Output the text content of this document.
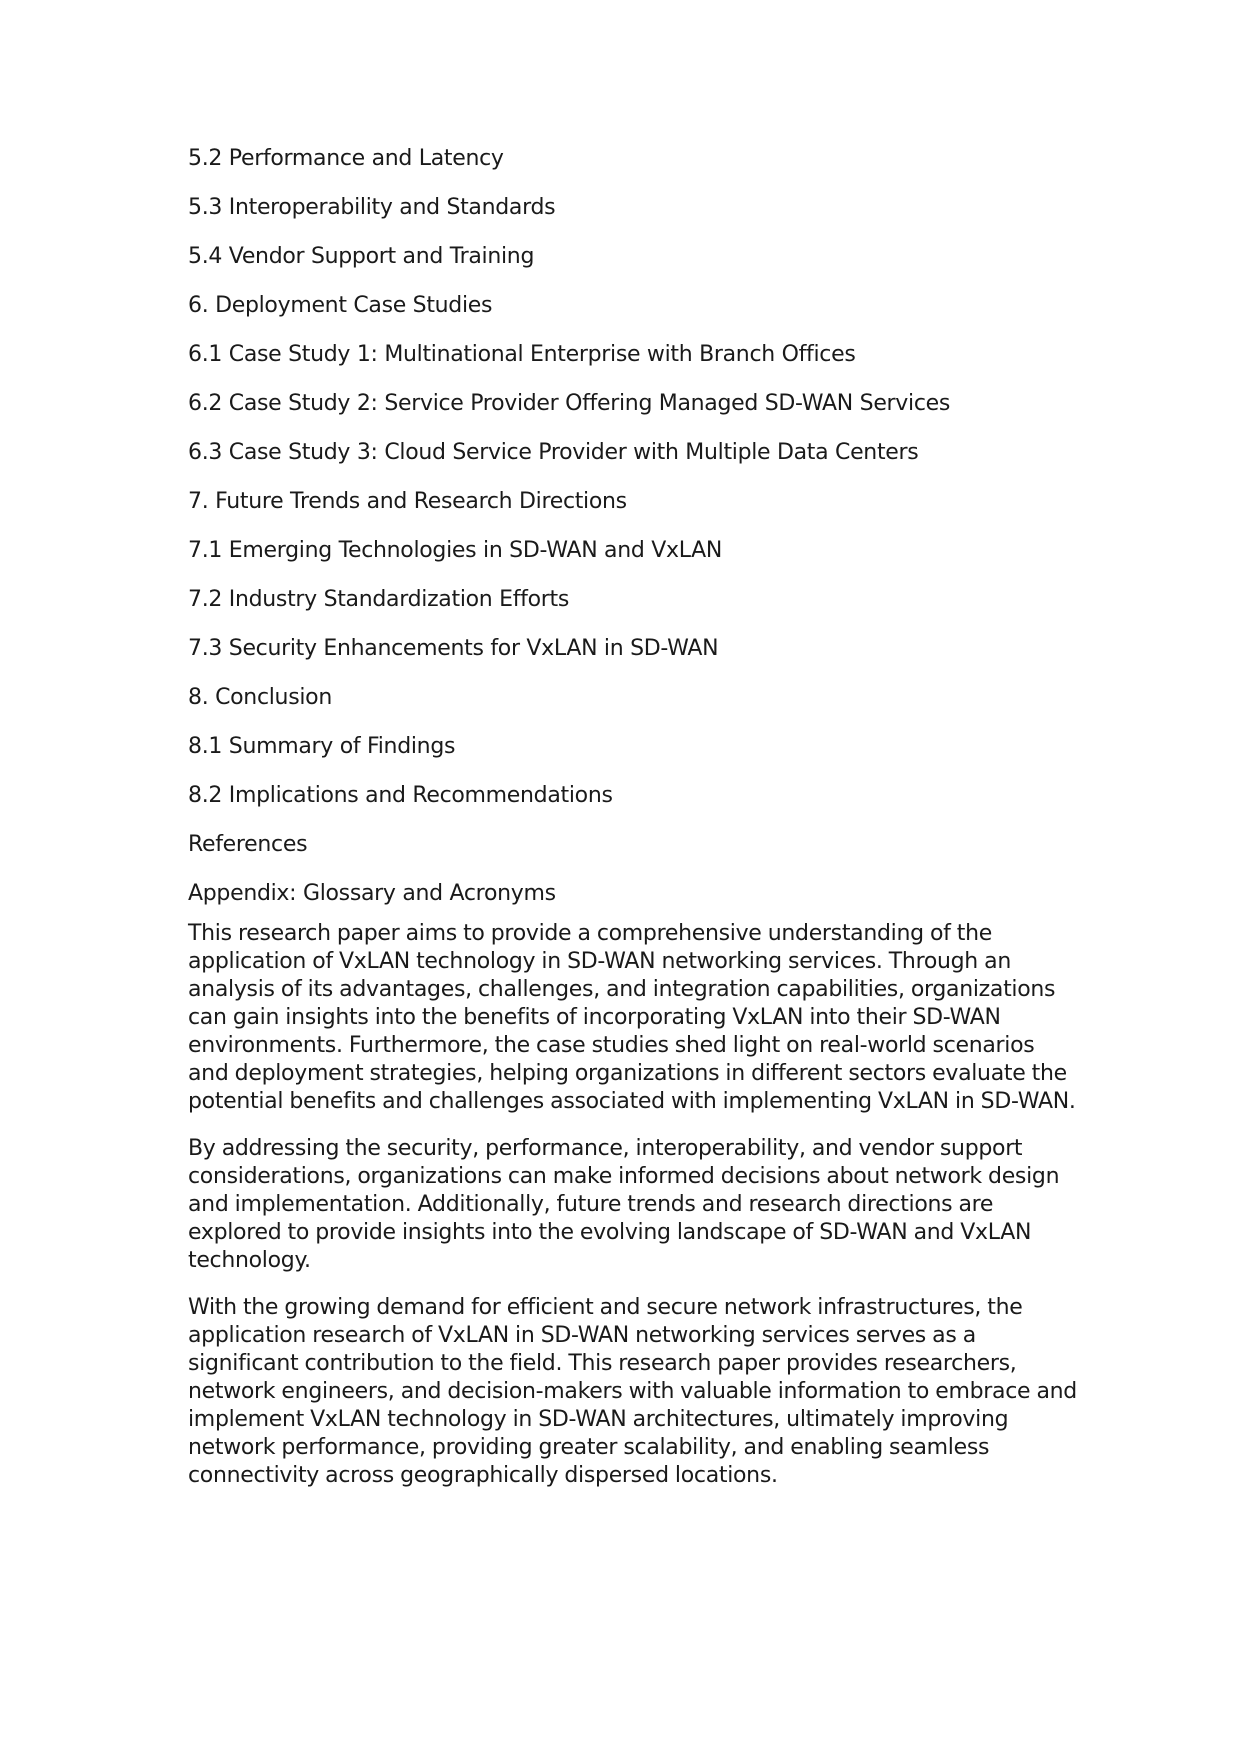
5.2 Performance and Latency
5.3 Interoperability and Standards
5.4 Vendor Support and Training
6. Deployment Case Studies
6.1 Case Study 1: Multinational Enterprise with Branch Offices
6.2 Case Study 2: Service Provider Offering Managed SD-WAN Services
6.3 Case Study 3: Cloud Service Provider with Multiple Data Centers
7. Future Trends and Research Directions
7.1 Emerging Technologies in SD-WAN and VxLAN
7.2 Industry Standardization Efforts
7.3 Security Enhancements for VxLAN in SD-WAN
8. Conclusion
8.1 Summary of Findings
8.2 Implications and Recommendations
References
Appendix: Glossary and Acronyms

This research paper aims to provide a comprehensive understanding of the application of VxLAN technology in SD-WAN networking services. Through an analysis of its advantages, challenges, and integration capabilities, organizations can gain insights into the benefits of incorporating VxLAN into their SD-WAN environments. Furthermore, the case studies shed light on real-world scenarios and deployment strategies, helping organizations in different sectors evaluate the potential benefits and challenges associated with implementing VxLAN in SD-WAN.

By addressing the security, performance, interoperability, and vendor support considerations, organizations can make informed decisions about network design and implementation. Additionally, future trends and research directions are explored to provide insights into the evolving landscape of SD-WAN and VxLAN technology.

With the growing demand for efficient and secure network infrastructures, the application research of VxLAN in SD-WAN networking services serves as a significant contribution to the field. This research paper provides researchers, network engineers, and decision-makers with valuable information to embrace and implement VxLAN technology in SD-WAN architectures, ultimately improving network performance, providing greater scalability, and enabling seamless connectivity across geographically dispersed locations.
